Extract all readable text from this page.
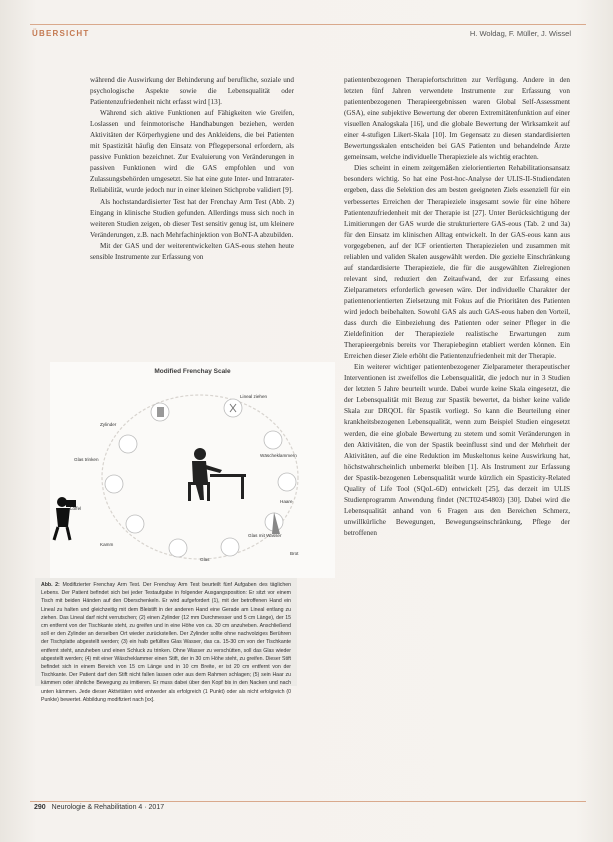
ÜBERSICHT	H. Woldag, F. Müller, J. Wissel

während die Auswirkung der Behinderung auf berufliche, soziale und psychologische Aspekte sowie die Lebensqualität oder Patientenzufriedenheit nicht erfasst wird [13].

Während sich aktive Funktionen auf Fähigkeiten wie Greifen, Loslassen und feinmotorische Handhabungen beziehen, werden Aktivitäten der Körperhygiene und des Ankleidens, die bei Patienten mit Spastizität häufig den Einsatz von Pflegepersonal erfordern, als passive Funktion bezeichnet. Zur Evaluierung von Veränderungen in passiven Funktionen wird die GAS empfohlen und von Zulassungsbehörden umgesetzt. Sie hat eine gute Inter- und Intrarater-Reliabilität, wurde jedoch nur in einer kleinen Stichprobe validiert [9].

Als hochstandardisierter Test hat der Frenchay Arm Test (Abb. 2) Eingang in klinische Studien gefunden. Allerdings muss sich noch in weiteren Studien zeigen, ob dieser Test sensitiv genug ist, um kleinere Veränderungen, z.B. nach Mehrfachinjektion von BoNT-A abzubilden.

Mit der GAS und der weiterentwickelten GAS-eous stehen heute sensible Instrumente zur Erfassung von

patientenbezogenen Therapiefortschritten zur Verfügung. Andere in den letzten fünf Jahren verwendete Instrumente zur Erfassung von patientenbezogenen Therapieergebnissen waren Global Self-Assessment (GSA), eine subjektive Bewertung der oberen Extremitätenfunktion auf einer visuellen Analogskala [16], und die globale Bewertung der Wirksamkeit auf einer 4-stufigen Likert-Skala [10]. Im Gegensatz zu diesen standardisierten Bewertungsskalen entscheiden bei GAS Patienten und behandelnde Ärzte gemeinsam, welche individuelle Therapieziele als wichtig erachten.

Dies scheint in einem zeitgemäßen zielorientierten Rehabilitationsansatz besonders wichtig. So hat eine Post-hoc-Analyse der ULIS-II-Studiendaten ergeben, dass die Selektion des am besten geeigneten Ziels essenziell für ein verbessertes Erreichen der Therapieziele insgesamt sowie für eine höhere Patientenzufriedenheit mit der Therapie ist [27]. Unter Berücksichtigung der Limitierungen der GAS wurde die strukturiertere GAS-eous (Tab. 2 und 3a) für den Einsatz im klinischen Alltag entwickelt. In der GAS-eous kann aus vorgegebenen, auf der ICF orientierten Therapiezielen und zusammen mit reliablen und validen Skalen ausgewählt werden. Die gezielte Einschränkung auf standardisierte Therapieziele, die für die ausgewählten Zielregionen relevant sind, reduziert den Zeitaufwand, der zur Erfassung eines Zielparameters erforderlich gewesen wäre. Der individuelle Charakter der patientenorientierten Zielsetzung mit Fokus auf die Prioritäten des Patienten wird jedoch beibehalten. Sowohl GAS als auch GAS-eous haben den Vorteil, dass durch die Einbeziehung des Patienten oder seiner Pfleger in die Zieldefinition der Therapieziele realistische Erwartungen zum Therapieergebnis bereits vor Therapiebeginn etabliert werden können. Ein Erreichen dieser Ziele erhöht die Patientenzufriedenheit mit der Therapie.

Ein weiterer wichtiger patientenbezogener Zielparameter therapeutischer Interventionen ist zweifellos die Lebensqualität, die jedoch nur in 3 Studien der letzten 5 Jahre beurteilt wurde. Dabei wurde keine Skala eingesetzt, die der Lebensqualität mit Bezug zur Spastik bewertet, da bisher keine valide Skala zur DRQOL für Spastik vorliegt. So kann die Beurteilung einer krankheitsbezogenen Lebensqualität, wenn zum Beispiel Studien eingesetzt werden, die eine globale Bewertung zu stetem und somit Veränderungen in den Aktivitäten, die von der Spastik beeinflusst sind und der Mehrheit der Aktivitäten, auf die eine Reduktion im Muskeltonus keine Auswirkung hat, höchstwahrscheinlich unbemerkt bleiben [1]. Als Instrument zur Erfassung der Spastik-bezogenen Lebensqualität wurde kürzlich ein Spasticity-Related Quality of Life Tool (SQoL-6D) entwickelt [25], das derzeit im ULIS Studienprogramm Anwendung findet (NCT02454803) [30]. Dabei wird die Lebensqualität anhand von 6 Fragen aus den Bereichen Schmerz, unwillkürliche Bewegungen, Bewegungseinschränkung, Pflege der betroffenen

Modified Frenchay Scale
Zylinder
Lineal ziehen
Wäscheklammern
Glas trinken
Haare
Löffel
Glas mit Wasser
Kamm
Glas
Brot
Abb. 2: Modifizierter Frenchay Arm Test. Der Frenchay Arm Test beurteilt fünf Aufgaben des täglichen Lebens. Der Patient befindet sich bei jeder Testaufgabe in folgender Ausgangsposition: Er sitzt vor einem Tisch mit beiden Händen auf den Oberschenkeln. Er wird aufgefordert (1), mit der betroffenen Hand ein Lineal zu halten und gleichzeitig mit dem Bleistift in der anderen Hand eine Gerade am Lineal entlang zu ziehen. Das Lineal darf nicht verrutschen; (2) einen Zylinder (12 mm Durchmesser und 5 cm Länge), der 15 cm entfernt von der Tischkante steht, zu greifen und in eine Höhe von ca. 30 cm anzuheben. Anschließend soll er den Zylinder an derselben Ort wieder zurückstellen. Der Zylinder sollte ohne nachvolziges Berühren der Tischplatte abgestellt werden; (3) ein halb gefülltes Glas Wasser, das ca. 15-30 cm von der Tischkante entfernt steht, anzuheben und einen Schluck zu trinken. Ohne Wasser zu verschütten, soll das Glas wieder abgestellt werden; (4) mit einer Wäscheklammer einen Stift, der in 30 cm Höhe steht, zu greifen. Dieser Stift befindet sich in einem Bereich von 15 cm Länge und in 10 cm Breite, er ist 20 cm entfernt von der Tischkante. Der Patient darf den Stift nicht fallen lassen oder aus dem Rahmen schlagen; (5) sein Haar zu kämmen oder ähnliche Bewegung zu imitieren. Er muss dabei über den Kopf bis in den Nacken und nach unten kämmen. Jede dieser Aktivitäten wird entweder als erfolgreich (1 Punkt) oder als nicht erfolgreich (0 Punkte) bewertet. Abbildung modifiziert nach [xx].
290 Neurologie & Rehabilitation 4 · 2017
